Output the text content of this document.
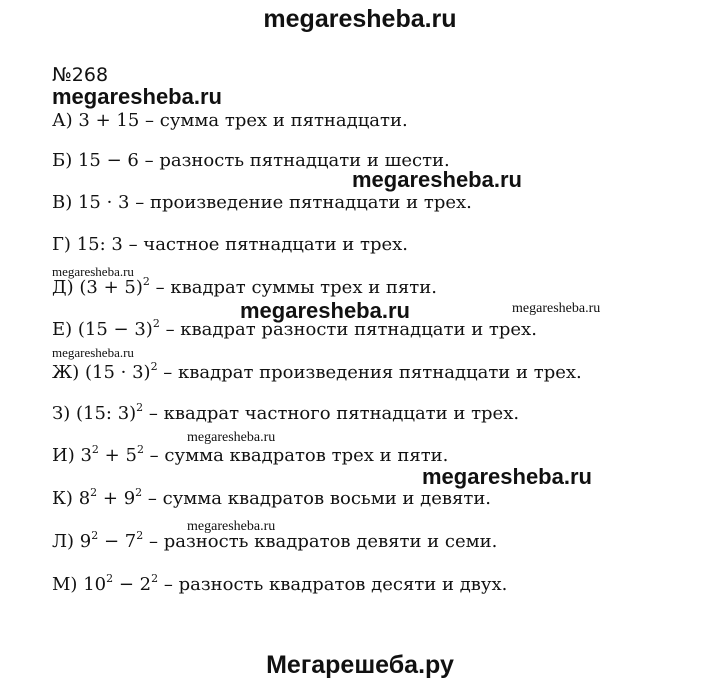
megaresheba.ru
№268
А) 3 + 15 – сумма трех и пятнадцати.
Б) 15 − 6 – разность пятнадцати и шести.
В) 15 · 3 – произведение пятнадцати и трех.
Г) 15: 3 – частное пятнадцати и трех.
Д) $(3 + 5)^2$ – квадрат суммы трех и пяти.
Е) $(15 - 3)^2$ – квадрат разности пятнадцати и трех.
Ж) $(15 \cdot 3)^2$ – квадрат произведения пятнадцати и трех.
З) (15: 3)$^2$ – квадрат частного пятнадцати и трех.
И) $3^2 + 5^2$ – сумма квадратов трех и пяти.
К) $8^2 + 9^2$ – сумма квадратов восьми и девяти.
Л) $9^2 - 7^2$ – разность квадратов девяти и семи.
М) $10^2 - 2^2$ – разность квадратов десяти и двух.
megaresheba.ru
megaresheba.ru
megaresheba.ru
megaresheba.ru	megaresheba.ru
megaresheba.ru
megaresheba.ru
megaresheba.ru
megaresheba.ru
Мегарешеба.ру
